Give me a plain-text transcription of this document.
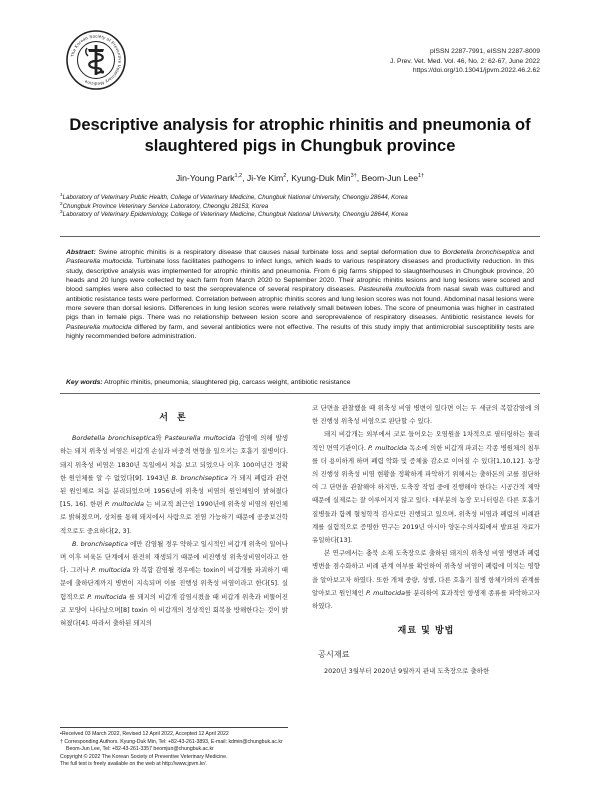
The Korean Society of Preventive Veterinary Medicine
pISSN 2287-7991, eISSN 2287-8009
J. Prev. Vet. Med. Vol. 46, No. 2: 62-67, June 2022
https://doi.org/10.13041/jpvm.2022.46.2.62
Descriptive analysis for atrophic rhinitis and pneumonia of slaughtered pigs in Chungbuk province
Jin-Young Park$^{1,2}$, Ji-Ye Kim$^2$, Kyung-Duk Min$^{3\dagger}$, Beom-Jun Lee$^{1\dagger}$
$^1$Laboratory of Veterinary Public Health, College of Veterinary Medicine, Chungbuk National University, Cheongju 28644, Korea
$^2$Chungbuk Province Veterinary Service Laboratory, Cheongju 28153, Korea
$^3$Laboratory of Veterinary Epidemiology, College of Veterinary Medicine, Chungbuk National University, Cheongju 28644, Korea
Abstract: Swine atrophic rhinitis is a respiratory disease that causes nasal turbinate loss and septal deformation due to Bordetella bronchiseptica and Pasteurella multocida. Turbinate loss facilitates pathogens to infect lungs, which leads to various respiratory diseases and productivity reduction. In this study, descriptive analysis was implemented for atrophic rhinitis and pneumonia. From 6 pig farms shipped to slaughterhouses in Chungbuk province, 20 heads and 20 lungs were collected by each farm from March 2020 to September 2020. Their atrophic rhinitis lesions and lung lesions were scored and blood samples were also collected to test the seroprevalence of several respiratory diseases. Pasteurella multocida from nasal swab was cultured and antibiotic resistance tests were performed. Correlation between atrophic rhinitis scores and lung lesion scores was not found. Abdominal nasal lesions were more severe than dorsal lesions. Differences in lung lesion scores were relatively small between lobes. The score of pneumonia was higher in castrated pigs than in female pigs. There was no relationship between lesion score and seroprevalence of respiratory diseases. Antibiotic resistance levels for Pasteurella multocida differed by farm, and several antibiotics were not effective. The results of this study imply that antimicrobial susceptibility tests are highly recommended before administration.
Key words: Atrophic rhinitis, pneumonia, slaughtered pig, carcass weight, antibiotic resistance
서 론

Bordetella bronchiseptica와 Pasteurella multocida 감염에 의해 발생하는 돼지 위축성 비염은 비갑개 손실과 비중격 변형을 일으키는 호흡기 질병이다. 돼지 위축성 비염은 1830년 독일에서 처음 보고 되었으나 이후 100여년간 정확한 원인체를 알 수 없었다[9]. 1943년 B. bronchiseptica 가 돼지 폐렴과 관련된 원인체로 처음 분리되었으며 1956년에 위축성 비염의 원인체임이 밝혀졌다[15, 16]. 한편 P. multocida 는 비교적 최근인 1990년에 위축성 비염의 원인체로 밝혀졌으며, 상처를 통해 돼지에서 사람으로 전염 가능하기 때문에 공중보건학적으로도 중요하다[2, 3].

B. bronchiseptica 에만 감염될 경우 약하고 일시적인 비갑개 위축이 일어나며 이후 비육돈 단계에서 완전히 재생되기 때문에 비진행성 위축성비염이라고 한다. 그러나 P. multocida 와 복합 감염될 경우에는 toxin이 비갑개를 파괴하기 때문에 출하단계까지 병변이 지속되며 이를 진행성 위축성 비염이라고 한다[5]. 실험적으로 P. multocida 를 돼지의 비갑개 감염시켰을 때 비갑개 위축과 비뚤어진 코 모양이 나타났으며[8] toxin 이 비갑개의 정상적인 회복을 방해한다는 것이 밝혀졌다[4]. 따라서 출하된 돼지의

코 단면을 관찰했을 때 위축성 비염 병변이 있다면 이는 두 세균의 복합감염에 의한 진행성 위축성 비염으로 판단할 수 있다.

돼지 비갑개는 외부에서 코로 들어오는 오염원을 1차적으로 필터링하는 물리적인 면역기관이다. P. multocida 독소에 의한 비갑개 파괴는 각종 병원체의 침투를 더 용이하게 하며 폐렴 악화 및 증체율 감소로 이어질 수 있다[1,10,12]. 농장의 진행성 위축성 비염 현황을 정확하게 파악하기 위해서는 출하돈의 코를 절단하여 그 단면을 관찰해야 하지만, 도축장 작업 중에 진행해야 한다는 시공간적 제약 때문에 실제로는 잘 이루어지지 않고 있다. 대부분의 농장 모니터링은 다른 호흡기 질병들과 함께 혈청학적 검사로만 진행되고 있으며, 위축성 비염과 폐렴의 비례관계를 실험적으로 증명한 연구는 2019년 아시아 양돈수의사회에서 발표된 자료가 유일하다[13].

본 연구에서는 충북 소재 도축장으로 출하된 돼지의 위축성 비염 병변과 폐렴 병변을 점수화하고 비례 관계 여부를 확인하여 위축성 비염이 폐렴에 미치는 영향을 알아보고자 하였다. 또한 개체 중량, 성별, 다른 호흡기 질병 항체가와의 관계를 알아보고 원인체인 P. multocida를 분리하여 효과적인 항생제 종류를 파악하고자 하였다.

재료 및 방법
공시재료

2020년 3월부터 2020년 9월까지 관내 도축장으로 출하한

•Received 03 March 2022, Revised 12 April 2022, Accepted 12 April 2022
† Corresponding Authors. Kyung-Duk Min, Tel: +82-43-261-3893, E-mail: kdmin@chungbuk.ac.kr
Beom-Jun Lee, Tel: +82-43-261-3357 beomjun@chungbuk.ac.kr
Copyright © 2022 The Korean Society of Preventive Veterinary Medicine.
The full text is freely available on the web at http://www.jpvm.kr/.
